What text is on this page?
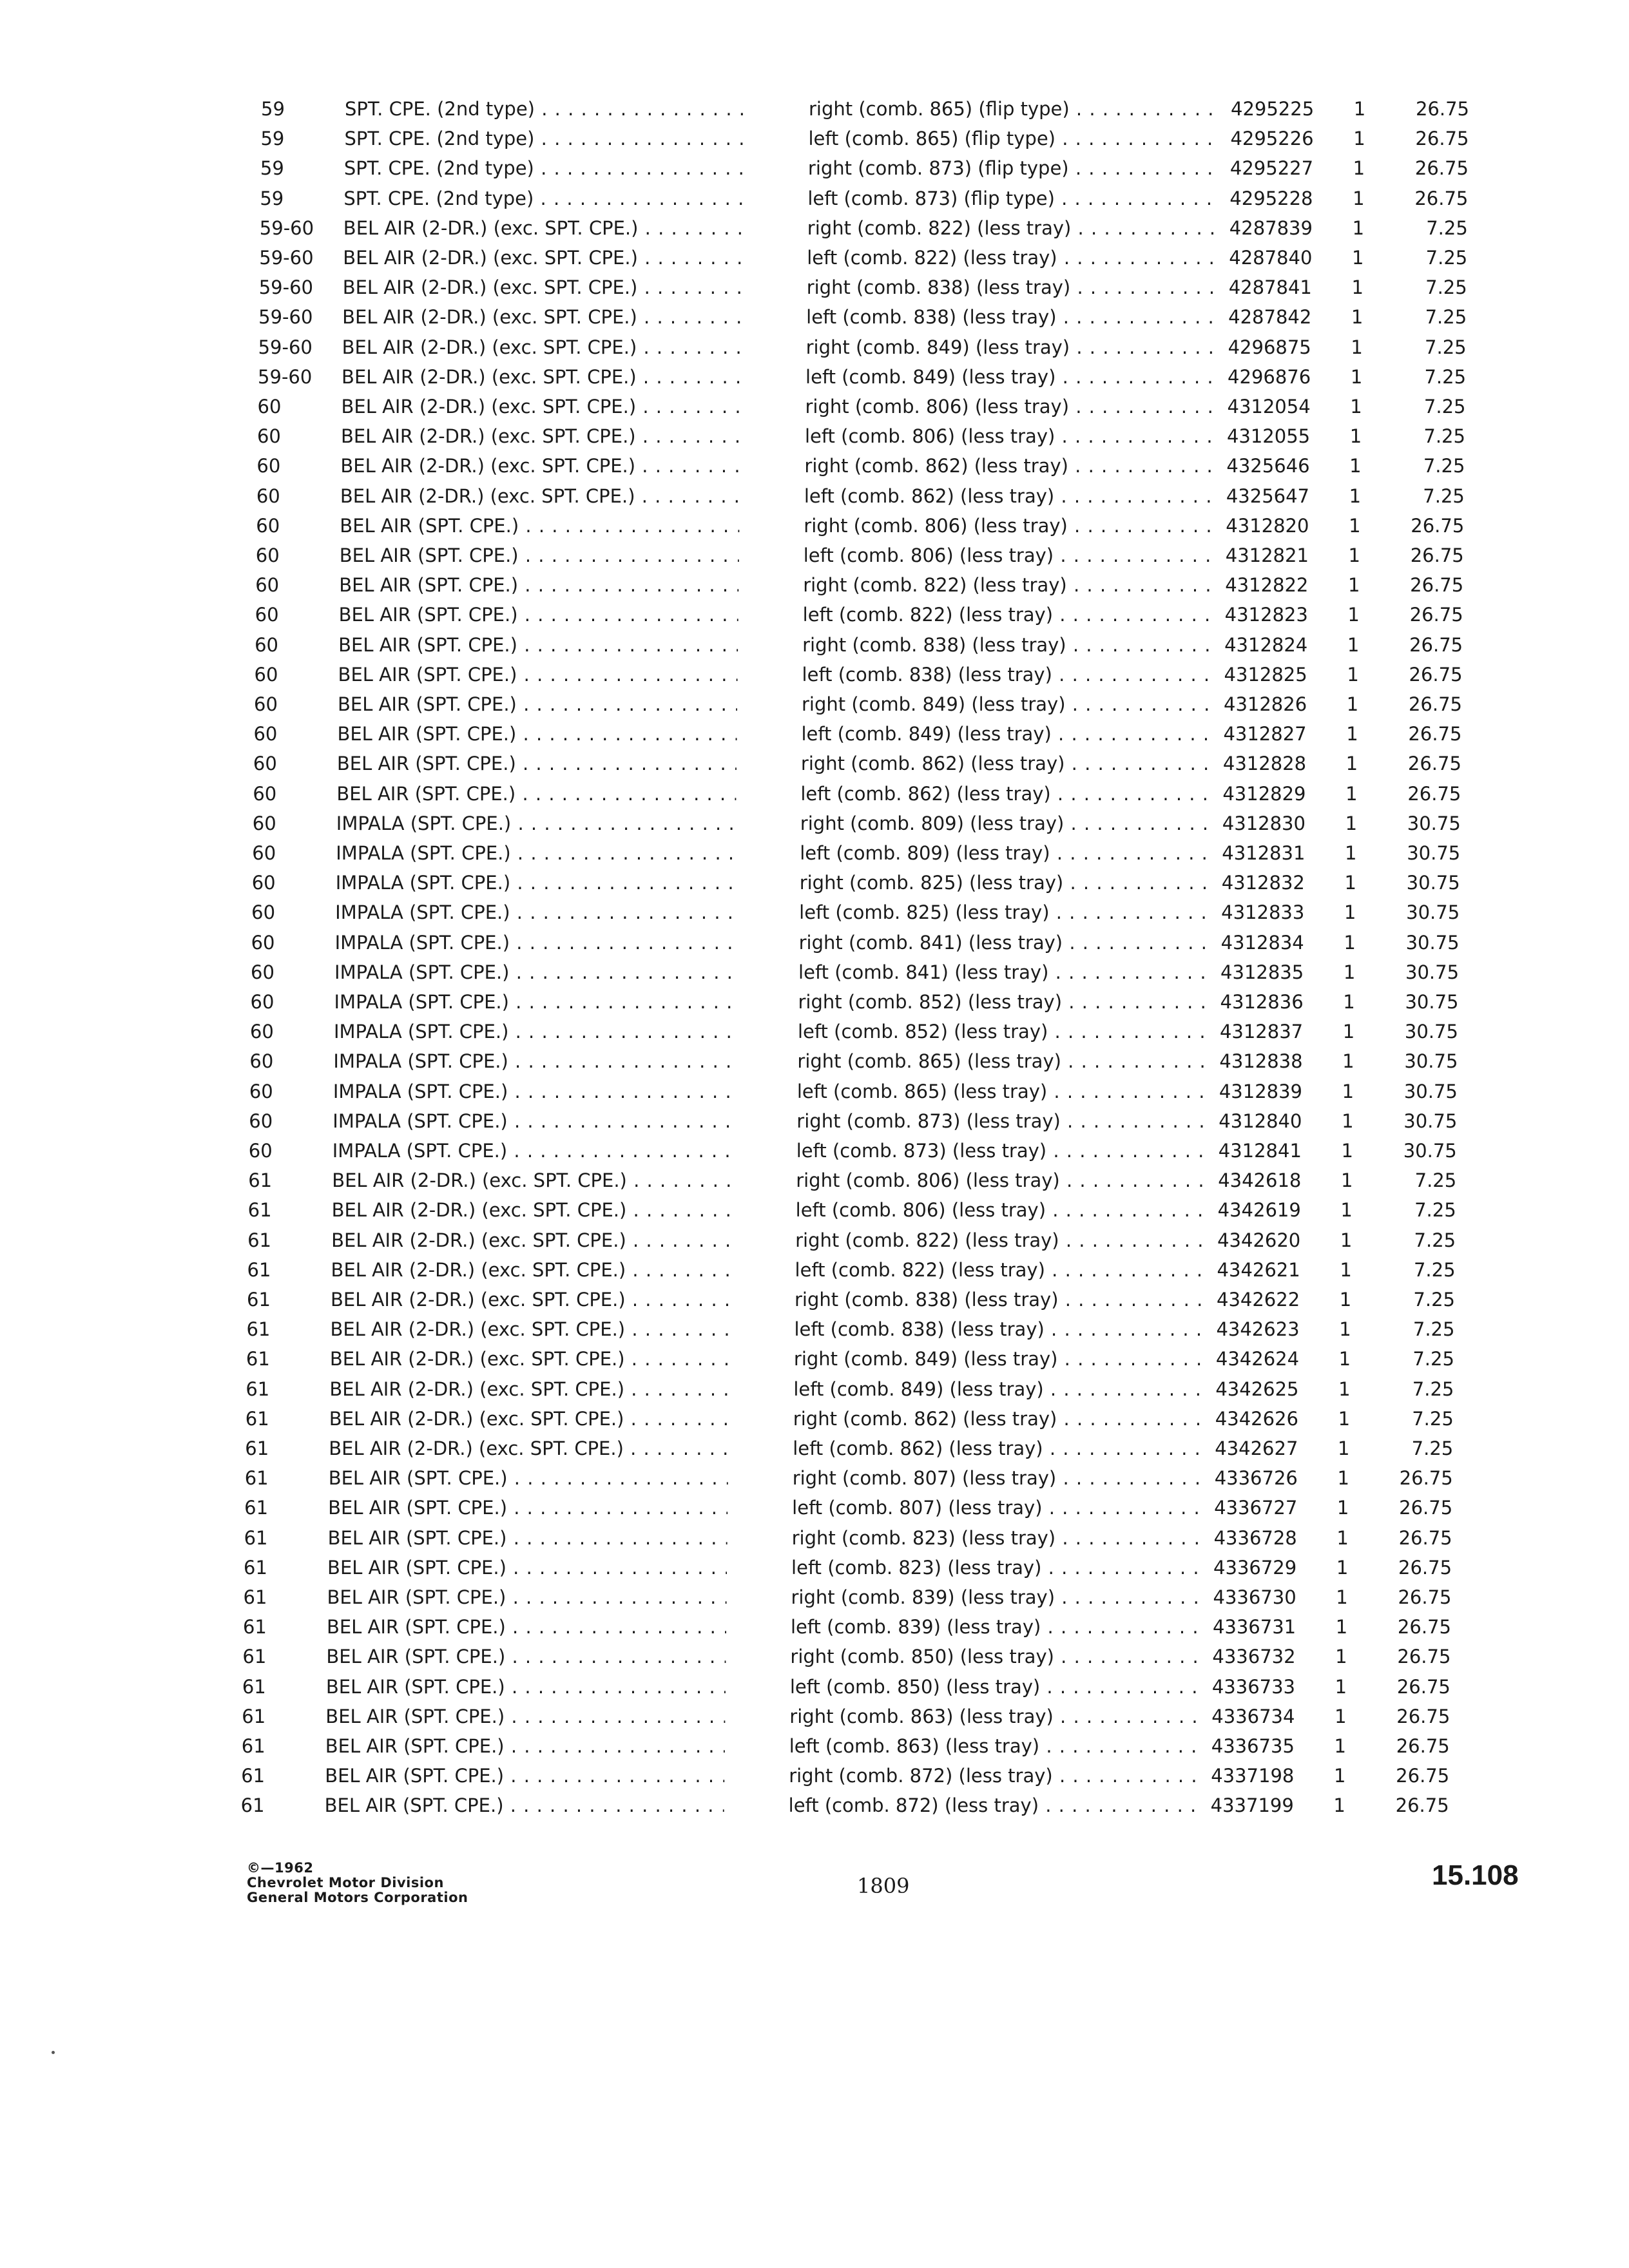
59	SPT. CPE. (2nd type) . . .	right (comb. 865) (flip type) . . .	4295225	1	26.75
59	SPT. CPE. (2nd type) . . .	left (comb. 865) (flip type) . . .	4295226	1	26.75
59	SPT. CPE. (2nd type) . . .	right (comb. 873) (flip type) . . .	4295227	1	26.75
59	SPT. CPE. (2nd type) . . .	left (comb. 873) (flip type) . . .	4295228	1	26.75
59-60	BEL AIR (2-DR.) (exc. SPT. CPE.) . . .	right (comb. 822) (less tray) . . .	4287839	1	7.25
59-60	BEL AIR (2-DR.) (exc. SPT. CPE.) . . .	left (comb. 822) (less tray) . . .	4287840	1	7.25
59-60	BEL AIR (2-DR.) (exc. SPT. CPE.) . . .	right (comb. 838) (less tray) . . .	4287841	1	7.25
59-60	BEL AIR (2-DR.) (exc. SPT. CPE.) . . .	left (comb. 838) (less tray) . . .	4287842	1	7.25
59-60	BEL AIR (2-DR.) (exc. SPT. CPE.) . . .	right (comb. 849) (less tray) . . .	4296875	1	7.25
59-60	BEL AIR (2-DR.) (exc. SPT. CPE.) . . .	left (comb. 849) (less tray) . . .	4296876	1	7.25
60	BEL AIR (2-DR.) (exc. SPT. CPE.) . . .	right (comb. 806) (less tray) . . .	4312054	1	7.25
60	BEL AIR (2-DR.) (exc. SPT. CPE.) . . .	left (comb. 806) (less tray) . . .	4312055	1	7.25
60	BEL AIR (2-DR.) (exc. SPT. CPE.) . . .	right (comb. 862) (less tray) . . .	4325646	1	7.25
60	BEL AIR (2-DR.) (exc. SPT. CPE.) . . .	left (comb. 862) (less tray) . . .	4325647	1	7.25
60	BEL AIR (SPT. CPE.) . . .	right (comb. 806) (less tray) . . .	4312820	1	26.75
60	BEL AIR (SPT. CPE.) . . .	left (comb. 806) (less tray) . . .	4312821	1	26.75
60	BEL AIR (SPT. CPE.) . . .	right (comb. 822) (less tray) . . .	4312822	1	26.75
60	BEL AIR (SPT. CPE.) . . .	left (comb. 822) (less tray) . . .	4312823	1	26.75
60	BEL AIR (SPT. CPE.) . . .	right (comb. 838) (less tray) . . .	4312824	1	26.75
60	BEL AIR (SPT. CPE.) . . .	left (comb. 838) (less tray) . . .	4312825	1	26.75
60	BEL AIR (SPT. CPE.) . . .	right (comb. 849) (less tray) . . .	4312826	1	26.75
60	BEL AIR (SPT. CPE.) . . .	left (comb. 849) (less tray) . . .	4312827	1	26.75
60	BEL AIR (SPT. CPE.) . . .	right (comb. 862) (less tray) . . .	4312828	1	26.75
60	BEL AIR (SPT. CPE.) . . .	left (comb. 862) (less tray) . . .	4312829	1	26.75
60	IMPALA (SPT. CPE.) . . .	right (comb. 809) (less tray) . . .	4312830	1	30.75
60	IMPALA (SPT. CPE.) . . .	left (comb. 809) (less tray) . . .	4312831	1	30.75
60	IMPALA (SPT. CPE.) . . .	right (comb. 825) (less tray) . . .	4312832	1	30.75
60	IMPALA (SPT. CPE.) . . .	left (comb. 825) (less tray) . . .	4312833	1	30.75
60	IMPALA (SPT. CPE.) . . .	right (comb. 841) (less tray) . . .	4312834	1	30.75
60	IMPALA (SPT. CPE.) . . .	left (comb. 841) (less tray) . . .	4312835	1	30.75
60	IMPALA (SPT. CPE.) . . .	right (comb. 852) (less tray) . . .	4312836	1	30.75
60	IMPALA (SPT. CPE.) . . .	left (comb. 852) (less tray) . . .	4312837	1	30.75
60	IMPALA (SPT. CPE.) . . .	right (comb. 865) (less tray) . . .	4312838	1	30.75
60	IMPALA (SPT. CPE.) . . .	left (comb. 865) (less tray) . . .	4312839	1	30.75
60	IMPALA (SPT. CPE.) . . .	right (comb. 873) (less tray) . . .	4312840	1	30.75
60	IMPALA (SPT. CPE.) . . .	left (comb. 873) (less tray) . . .	4312841	1	30.75
61	BEL AIR (2-DR.) (exc. SPT. CPE.) . . .	right (comb. 806) (less tray) . . .	4342618	1	7.25
61	BEL AIR (2-DR.) (exc. SPT. CPE.) . . .	left (comb. 806) (less tray) . . .	4342619	1	7.25
61	BEL AIR (2-DR.) (exc. SPT. CPE.) . . .	right (comb. 822) (less tray) . . .	4342620	1	7.25
61	BEL AIR (2-DR.) (exc. SPT. CPE.) . . .	left (comb. 822) (less tray) . . .	4342621	1	7.25
61	BEL AIR (2-DR.) (exc. SPT. CPE.) . . .	right (comb. 838) (less tray) . . .	4342622	1	7.25
61	BEL AIR (2-DR.) (exc. SPT. CPE.) . . .	left (comb. 838) (less tray) . . .	4342623	1	7.25
61	BEL AIR (2-DR.) (exc. SPT. CPE.) . . .	right (comb. 849) (less tray) . . .	4342624	1	7.25
61	BEL AIR (2-DR.) (exc. SPT. CPE.) . . .	left (comb. 849) (less tray) . . .	4342625	1	7.25
61	BEL AIR (2-DR.) (exc. SPT. CPE.) . . .	right (comb. 862) (less tray) . . .	4342626	1	7.25
61	BEL AIR (2-DR.) (exc. SPT. CPE.) . . .	left (comb. 862) (less tray) . . .	4342627	1	7.25
61	BEL AIR (SPT. CPE.) . . .	right (comb. 807) (less tray) . . .	4336726	1	26.75
61	BEL AIR (SPT. CPE.) . . .	left (comb. 807) (less tray) . . .	4336727	1	26.75
61	BEL AIR (SPT. CPE.) . . .	right (comb. 823) (less tray) . . .	4336728	1	26.75
61	BEL AIR (SPT. CPE.) . . .	left (comb. 823) (less tray) . . .	4336729	1	26.75
61	BEL AIR (SPT. CPE.) . . .	right (comb. 839) (less tray) . . .	4336730	1	26.75
61	BEL AIR (SPT. CPE.) . . .	left (comb. 839) (less tray) . . .	4336731	1	26.75
61	BEL AIR (SPT. CPE.) . . .	right (comb. 850) (less tray) . . .	4336732	1	26.75
61	BEL AIR (SPT. CPE.) . . .	left (comb. 850) (less tray) . . .	4336733	1	26.75
61	BEL AIR (SPT. CPE.) . . .	right (comb. 863) (less tray) . . .	4336734	1	26.75
61	BEL AIR (SPT. CPE.) . . .	left (comb. 863) (less tray) . . .	4336735	1	26.75
61	BEL AIR (SPT. CPE.) . . .	right (comb. 872) (less tray) . . .	4337198	1	26.75
61	BEL AIR (SPT. CPE.) . . .	left (comb. 872) (less tray) . . .	4337199	1	26.75
©—1962
Chevrolet Motor Division
General Motors Corporation	1809	15.108
